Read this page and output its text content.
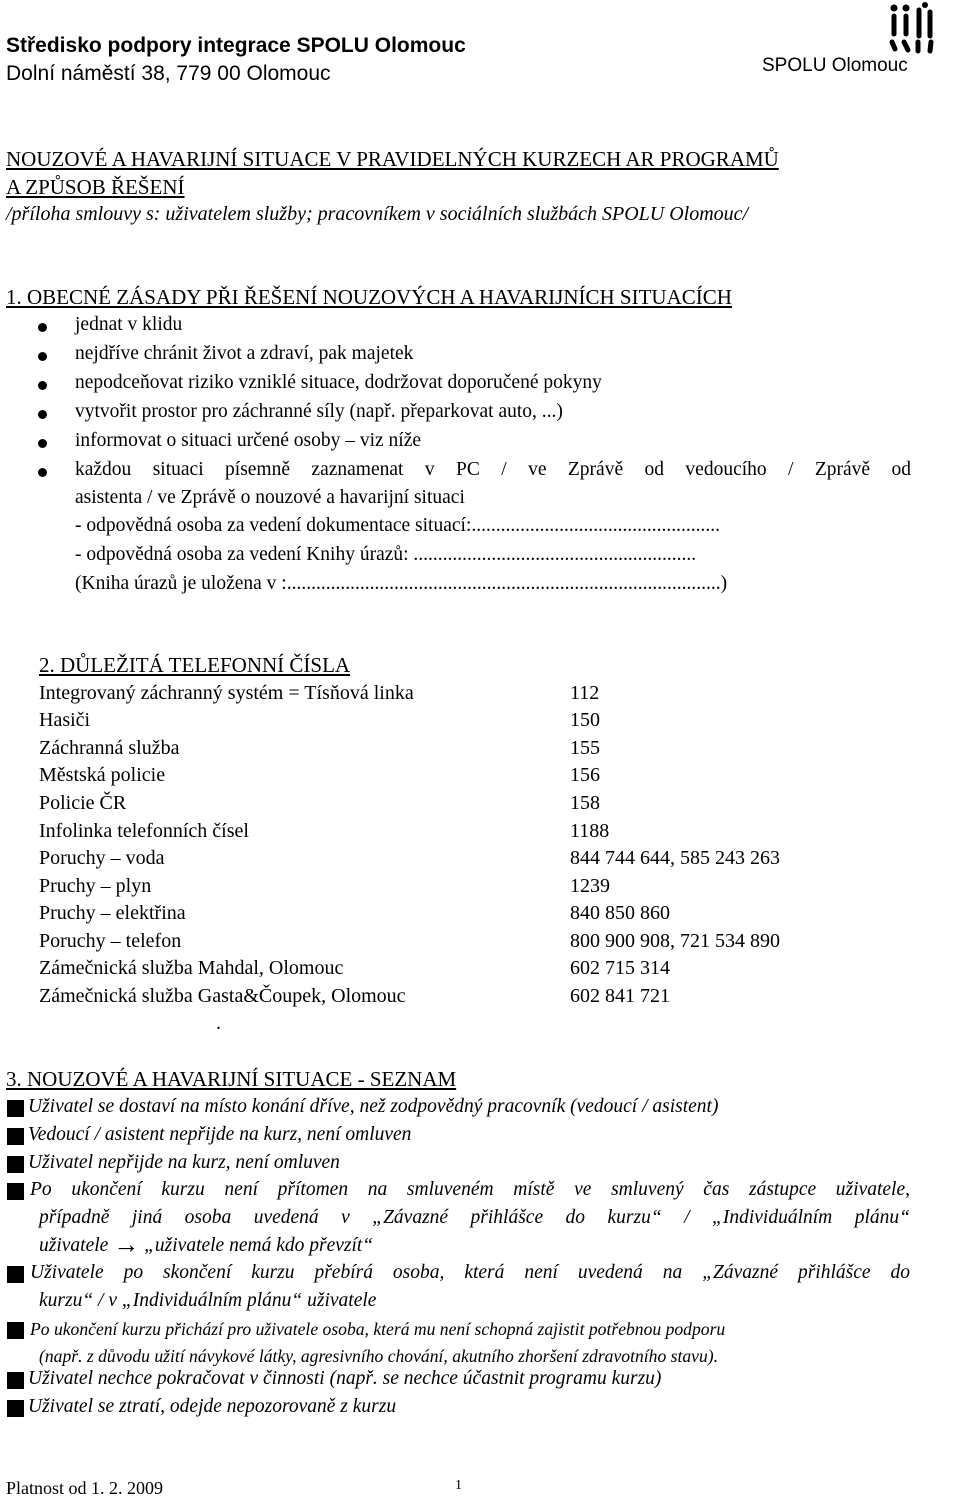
Středisko podpory integrace SPOLU Olomouc
Dolní náměstí 38, 779 00 Olomouc	SPOLU Olomouc
NOUZOVÉ A HAVARIJNÍ SITUACE V PRAVIDELNÝCH KURZECH AR PROGRAMŮ
A ZPŮSOB ŘEŠENÍ
/příloha smlouvy s: uživatelem služby; pracovníkem v sociálních službách SPOLU Olomouc/
1. OBECNÉ ZÁSADY PŘI ŘEŠENÍ NOUZOVÝCH A HAVARIJNÍCH SITUACÍCH
jednat v klidu
nejdříve chránit život a zdraví, pak majetek
nepodceňovat riziko vzniklé situace, dodržovat doporučené pokyny
vytvořit prostor pro záchranné síly (např. přeparkovat auto, ...)
informovat o situaci určené osoby – viz níže
každou situaci písemně zaznamenat v PC / ve Zprávě od vedoucího / Zprávě od
asistenta / ve Zprávě o nouzové a havarijní situaci
- odpovědná osoba za vedení dokumentace situací:...................................................
- odpovědná osoba za vedení Knihy úrazů: ..........................................................
(Kniha úrazů je uložena v :.........................................................................................)
2. DŮLEŽITÁ TELEFONNÍ ČÍSLA
Integrovaný záchranný systém = Tísňová linka	112
Hasiči	150
Záchranná služba	155
Městská policie	156
Policie ČR	158
Infolinka telefonních čísel	1188
Poruchy – voda	844 744 644, 585 243 263
Pruchy – plyn	1239
Pruchy – elektřina	840 850 860
Poruchy – telefon	800 900 908, 721 534 890
Zámečnická služba Mahdal, Olomouc	602 715 314
Zámečnická služba Gasta&Čoupek, Olomouc	602 841 721
.
3. NOUZOVÉ A HAVARIJNÍ SITUACE - SEZNAM
Uživatel se dostaví na místo konání dříve, než zodpovědný pracovník (vedoucí / asistent)
Vedoucí / asistent nepřijde na kurz, není omluven
Uživatel nepřijde na kurz, není omluven
Po ukončení kurzu není přítomen na smluveném místě ve smluvený čas zástupce uživatele,
případně jiná osoba uvedená v „Závazné přihlášce do kurzu“ / „Individuálním plánu“
uživatele → „uživatele nemá kdo převzít“
Uživatele po skončení kurzu přebírá osoba, která není uvedená na „Závazné přihlášce do
kurzu“ / v „Individuálním plánu“ uživatele
Po ukončení kurzu přichází pro uživatele osoba, která mu není schopná zajistit potřebnou podporu
(např. z důvodu užití návykové látky, agresivního chování, akutního zhoršení zdravotního stavu).
Uživatel nechce pokračovat v činnosti (např. se nechce účastnit programu kurzu)
Uživatel se ztratí, odejde nepozorovaně z kurzu
Platnost od 1. 2. 2009	1
